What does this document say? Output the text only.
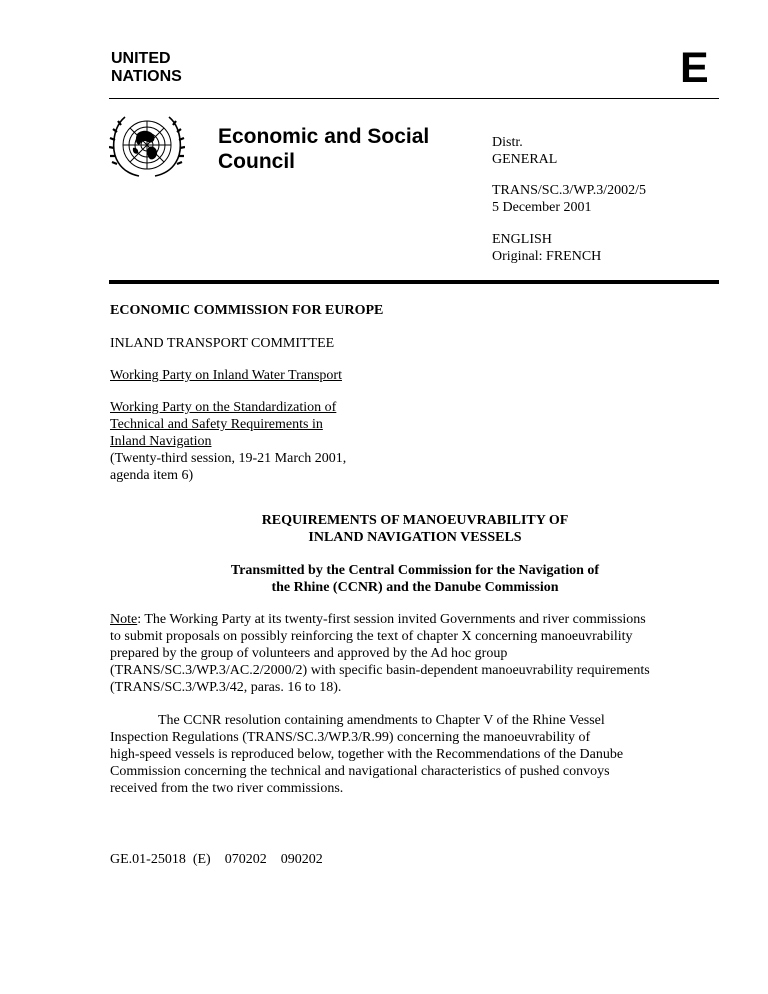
UNITED
NATIONS	E
Economic and Social
Council
Distr.
GENERAL
TRANS/SC.3/WP.3/2002/5
5 December 2001
ENGLISH
Original: FRENCH
ECONOMIC COMMISSION FOR EUROPE
INLAND TRANSPORT COMMITTEE
Working Party on Inland Water Transport
Working Party on the Standardization of
Technical and Safety Requirements in
Inland Navigation
(Twenty-third session, 19-21 March 2001,
agenda item 6)
REQUIREMENTS OF MANOEUVRABILITY OF
INLAND NAVIGATION VESSELS
Transmitted by the Central Commission for the Navigation of
the Rhine (CCNR) and the Danube Commission
Note: The Working Party at its twenty-first session invited Governments and river commissions
to submit proposals on possibly reinforcing the text of chapter X concerning manoeuvrability
prepared by the group of volunteers and approved by the Ad hoc group
(TRANS/SC.3/WP.3/AC.2/2000/2) with specific basin-dependent manoeuvrability requirements
(TRANS/SC.3/WP.3/42, paras. 16 to 18).
The CCNR resolution containing amendments to Chapter V of the Rhine Vessel
Inspection Regulations (TRANS/SC.3/WP.3/R.99) concerning the manoeuvrability of
high-speed vessels is reproduced below, together with the Recommendations of the Danube
Commission concerning the technical and navigational characteristics of pushed convoys
received from the two river commissions.
GE.01-25018  (E)    070202    090202
